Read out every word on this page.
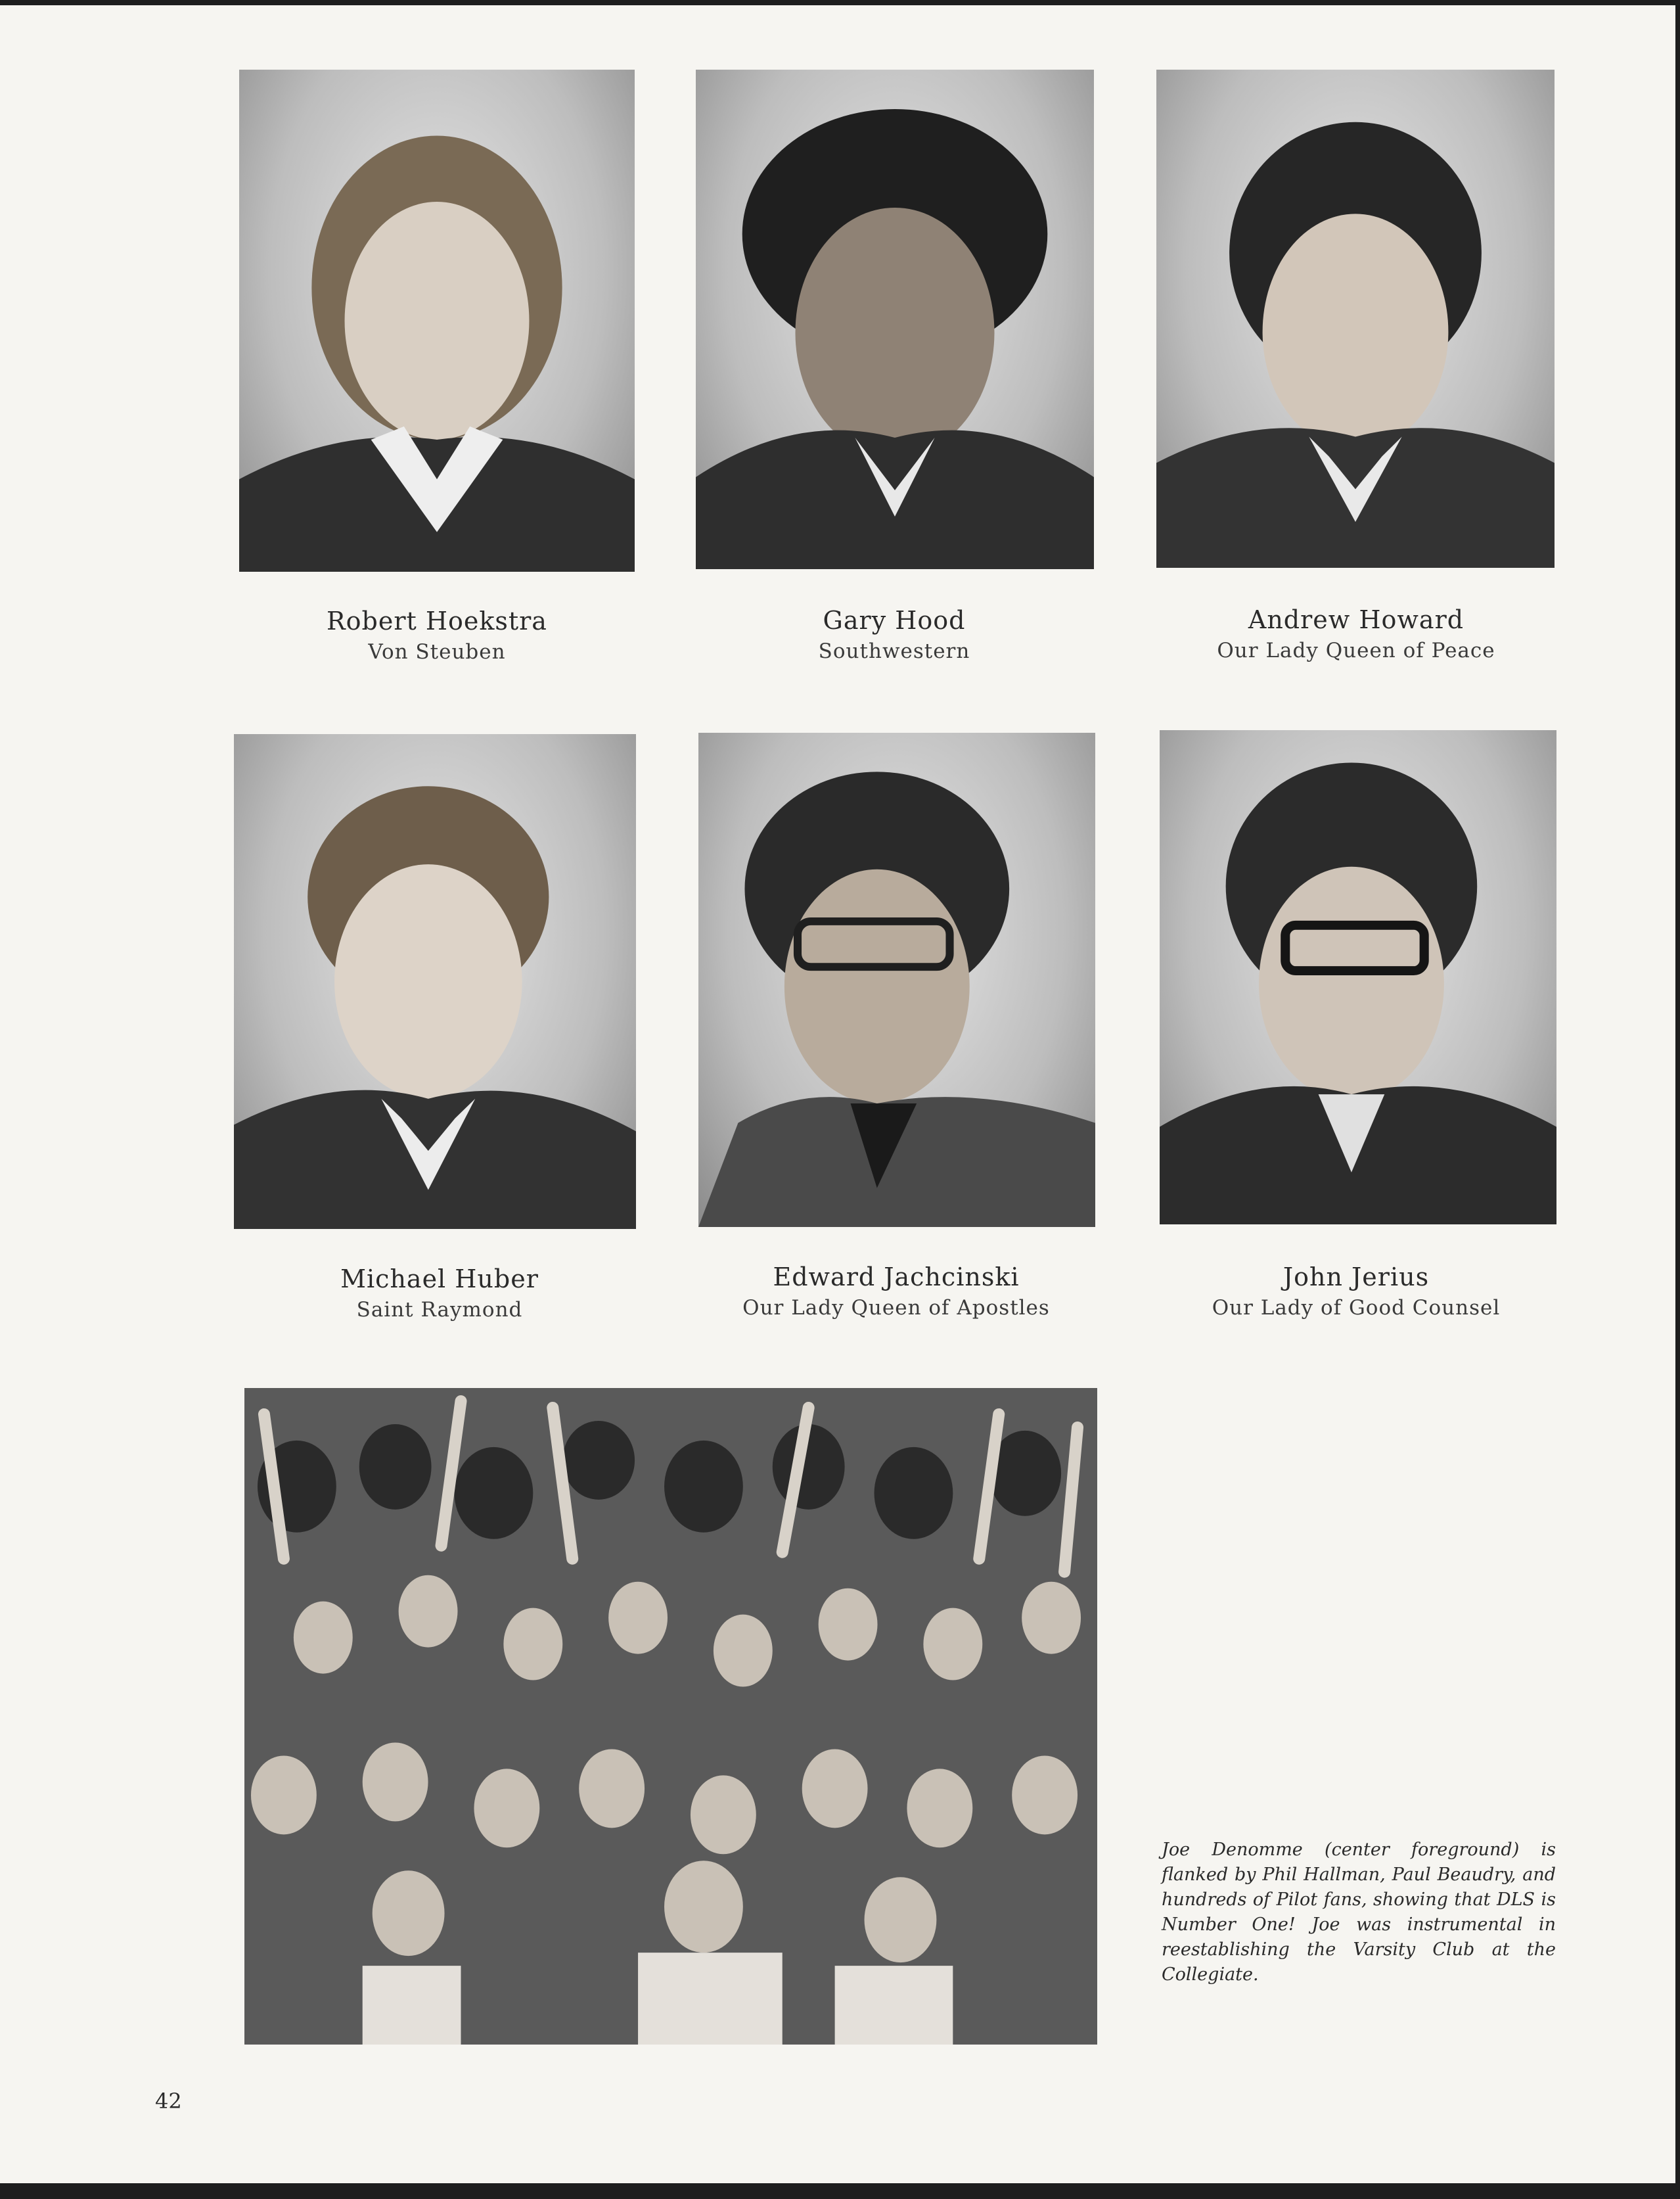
Robert Hoekstra
Von Steuben
Gary Hood
Southwestern
Andrew Howard
Our Lady Queen of Peace
Michael Huber
Saint Raymond
Edward Jachcinski
Our Lady Queen of Apostles
John Jerius
Our Lady of Good Counsel
Joe Denomme (center foreground) is flanked by Phil Hallman, Paul Beaudry, and hundreds of Pilot fans, showing that DLS is Number One! Joe was instrumental in reestablishing the Varsity Club at the Collegiate.
42
